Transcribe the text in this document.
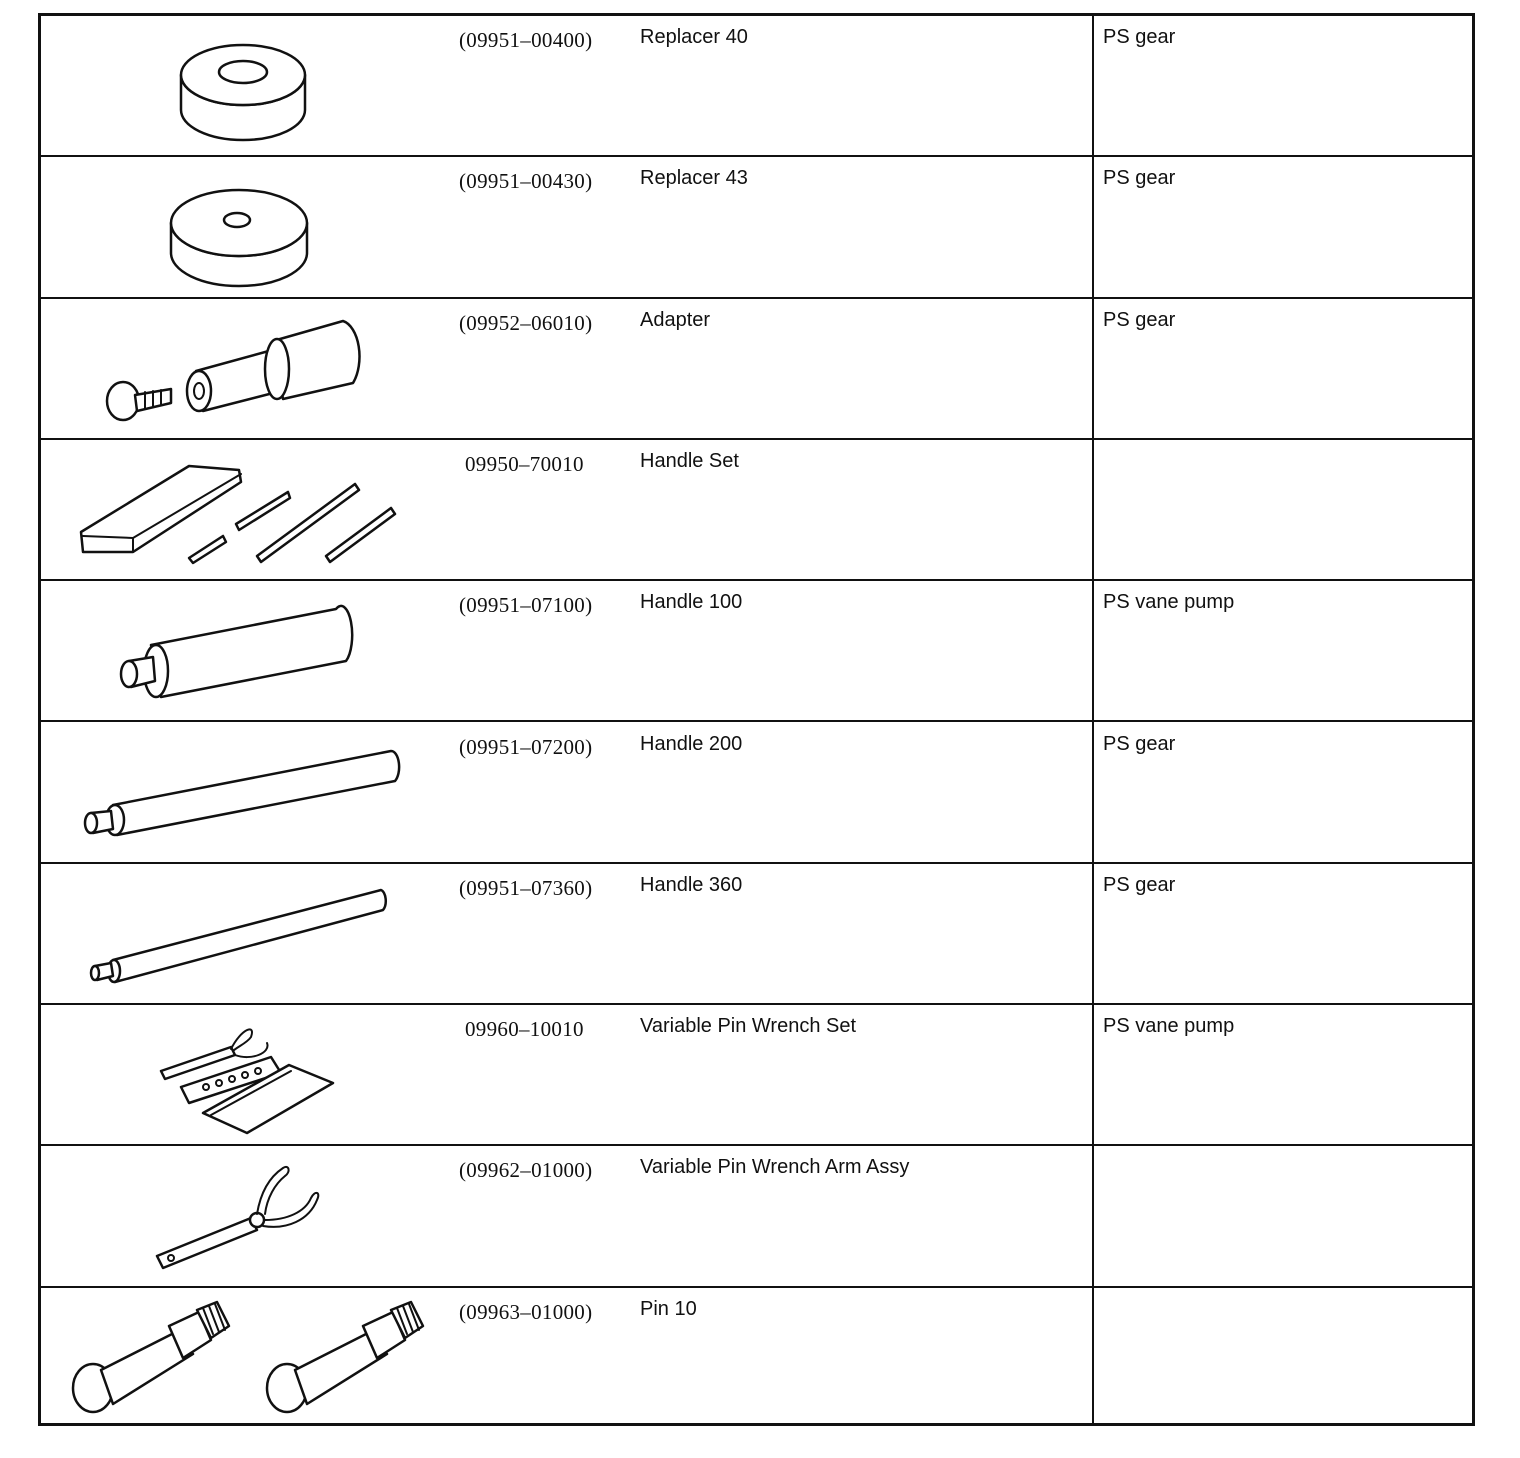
(09951–00400) Replacer 40	PS gear
(09951–00430) Replacer 43	PS gear
(09952–06010) Adapter	PS gear
09950–70010	Handle Set
(09951–07100) Handle 100	PS vane pump
(09951–07200) Handle 200	PS gear
(09951–07360) Handle 360	PS gear
09960–10010	Variable Pin Wrench Set	PS vane pump
(09962–01000) Variable Pin Wrench Arm Assy
(09963–01000) Pin 10
